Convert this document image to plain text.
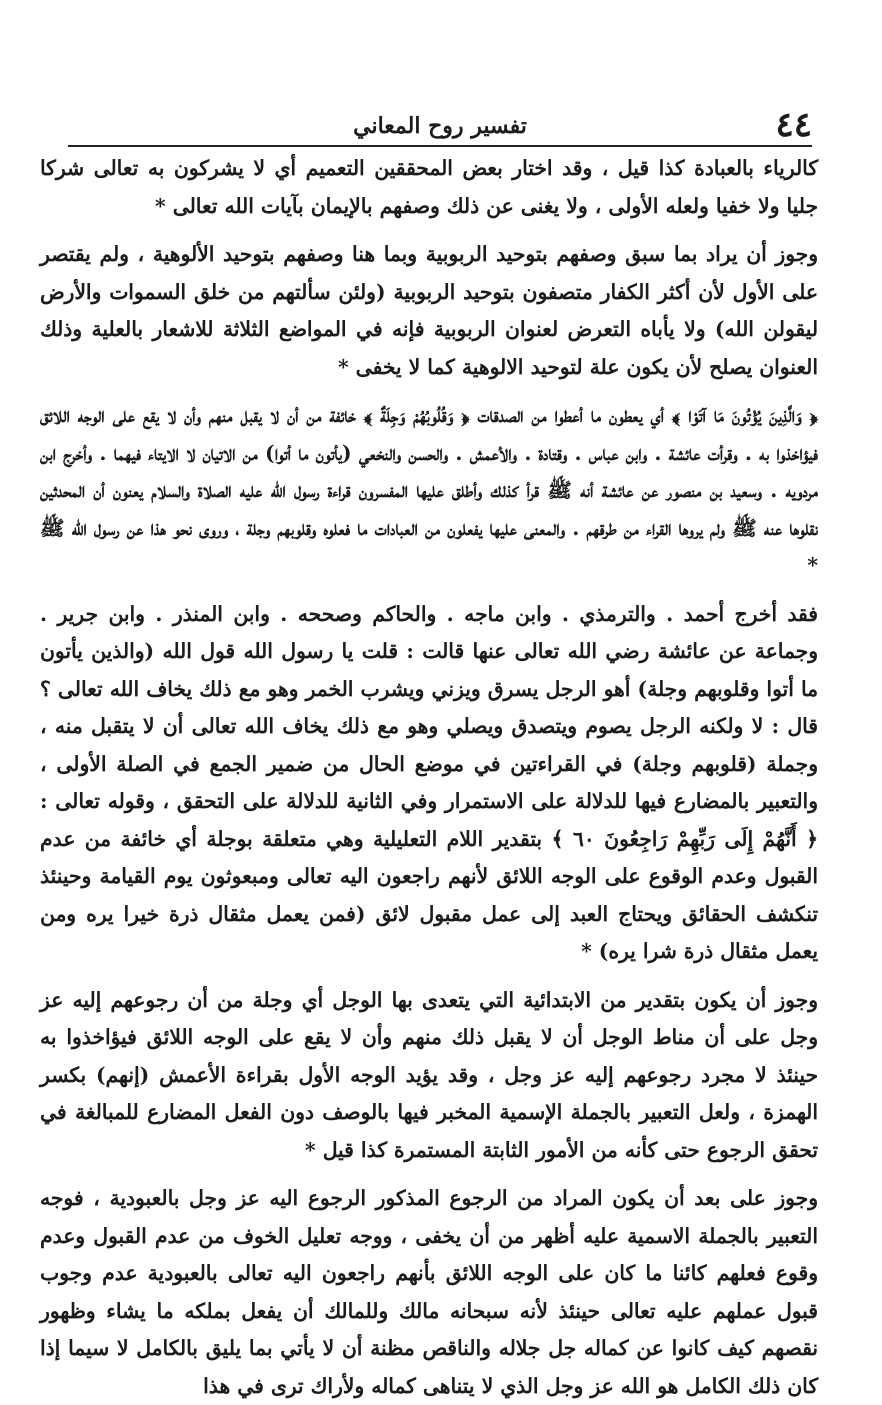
٤٤
تفسير روح المعاني

كالرياء بالعبادة كذا قيل ، وقد اختار بعض المحققين التعميم أي لا يشركون به تعالى شركا جليا ولا خفيا ولعله الأولى ، ولا يغنى عن ذلك وصفهم بالإيمان بآيات الله تعالى *

وجوز أن يراد بما سبق وصفهم بتوحيد الربوبية وبما هنا وصفهم بتوحيد الألوهية ، ولم يقتصر على الأول لأن أكثر الكفار متصفون بتوحيد الربوبية (ولئن سألتهم من خلق السموات والأرض ليقولن الله) ولا يأباه التعرض لعنوان الربوبية فإنه في المواضع الثلاثة للاشعار بالعلية وذلك العنوان يصلح لأن يكون علة لتوحيد الالوهية كما لا يخفى *

﴿ وَالَّذِينَ يُؤْتُونَ مَا آتَوْا ﴾ أي يعطون ما أعطوا من الصدقات ﴿ وَقُلُوبُهُمْ وَجِلَةٌ ﴾ خائفة من أن لا يقبل منهم وأن لا يقع على الوجه اللائق فيؤاخذوا به . وقرأت عائشة . وابن عباس . وقتادة . والأعمش . والحسن والنخعي (يأتون ما أتوا) من الاتيان لا الايتاء فيهما . وأخرج ابن مردويه . وسعيد بن منصور عن عائشة أنه ﷺ قرأ كذلك وأطلق عليها المفسرون قراءة رسول الله عليه الصلاة والسلام يعنون أن المحدثين نقلوها عنه ﷺ ولم يروها القراء من طرقهم . والمعنى عليها يفعلون من العبادات ما فعلوه وقلوبهم وجلة ، وروى نحو هذا عن رسول الله ﷺ *

فقد أخرج أحمد . والترمذي . وابن ماجه . والحاكم وصححه . وابن المنذر . وابن جرير . وجماعة عن عائشة رضي الله تعالى عنها قالت : قلت يا رسول الله قول الله (والذين يأتون ما أتوا وقلوبهم وجلة) أهو الرجل يسرق ويزني ويشرب الخمر وهو مع ذلك يخاف الله تعالى ؟ قال : لا ولكنه الرجل يصوم ويتصدق ويصلي وهو مع ذلك يخاف الله تعالى أن لا يتقبل منه ، وجملة (قلوبهم وجلة) في القراءتين في موضع الحال من ضمير الجمع في الصلة الأولى ، والتعبير بالمضارع فيها للدلالة على الاستمرار وفي الثانية للدلالة على التحقق ، وقوله تعالى : ﴿ أَنَّهُمْ إِلَى رَبِّهِمْ رَاجِعُونَ ٦٠ ﴾ بتقدير اللام التعليلية وهي متعلقة بوجلة أي خائفة من عدم القبول وعدم الوقوع على الوجه اللائق لأنهم راجعون اليه تعالى ومبعوثون يوم القيامة وحينئذ تنكشف الحقائق ويحتاج العبد إلى عمل مقبول لائق (فمن يعمل مثقال ذرة خيرا يره ومن يعمل مثقال ذرة شرا يره) *

وجوز أن يكون بتقدير من الابتدائية التي يتعدى بها الوجل أي وجلة من أن رجوعهم إليه عز وجل على أن مناط الوجل أن لا يقبل ذلك منهم وأن لا يقع على الوجه اللائق فيؤاخذوا به حينئذ لا مجرد رجوعهم إليه عز وجل ، وقد يؤيد الوجه الأول بقراءة الأعمش (إنهم) بكسر الهمزة ، ولعل التعبير بالجملة الإسمية المخبر فيها بالوصف دون الفعل المضارع للمبالغة في تحقق الرجوع حتى كأنه من الأمور الثابتة المستمرة كذا قيل *

وجوز على بعد أن يكون المراد من الرجوع المذكور الرجوع اليه عز وجل بالعبودية ، فوجه التعبير بالجملة الاسمية عليه أظهر من أن يخفى ، ووجه تعليل الخوف من عدم القبول وعدم وقوع فعلهم كائنا ما كان على الوجه اللائق بأنهم راجعون اليه تعالى بالعبودية عدم وجوب قبول عملهم عليه تعالى حينئذ لأنه سبحانه مالك وللمالك أن يفعل بملكه ما يشاء وظهور نقصهم كيف كانوا عن كماله جل جلاله والناقص مظنة أن لا يأتي بما يليق بالكامل لا سيما إذا كان ذلك الكامل هو الله عز وجل الذي لا يتناهى كماله ولأراك ترى في هذا
